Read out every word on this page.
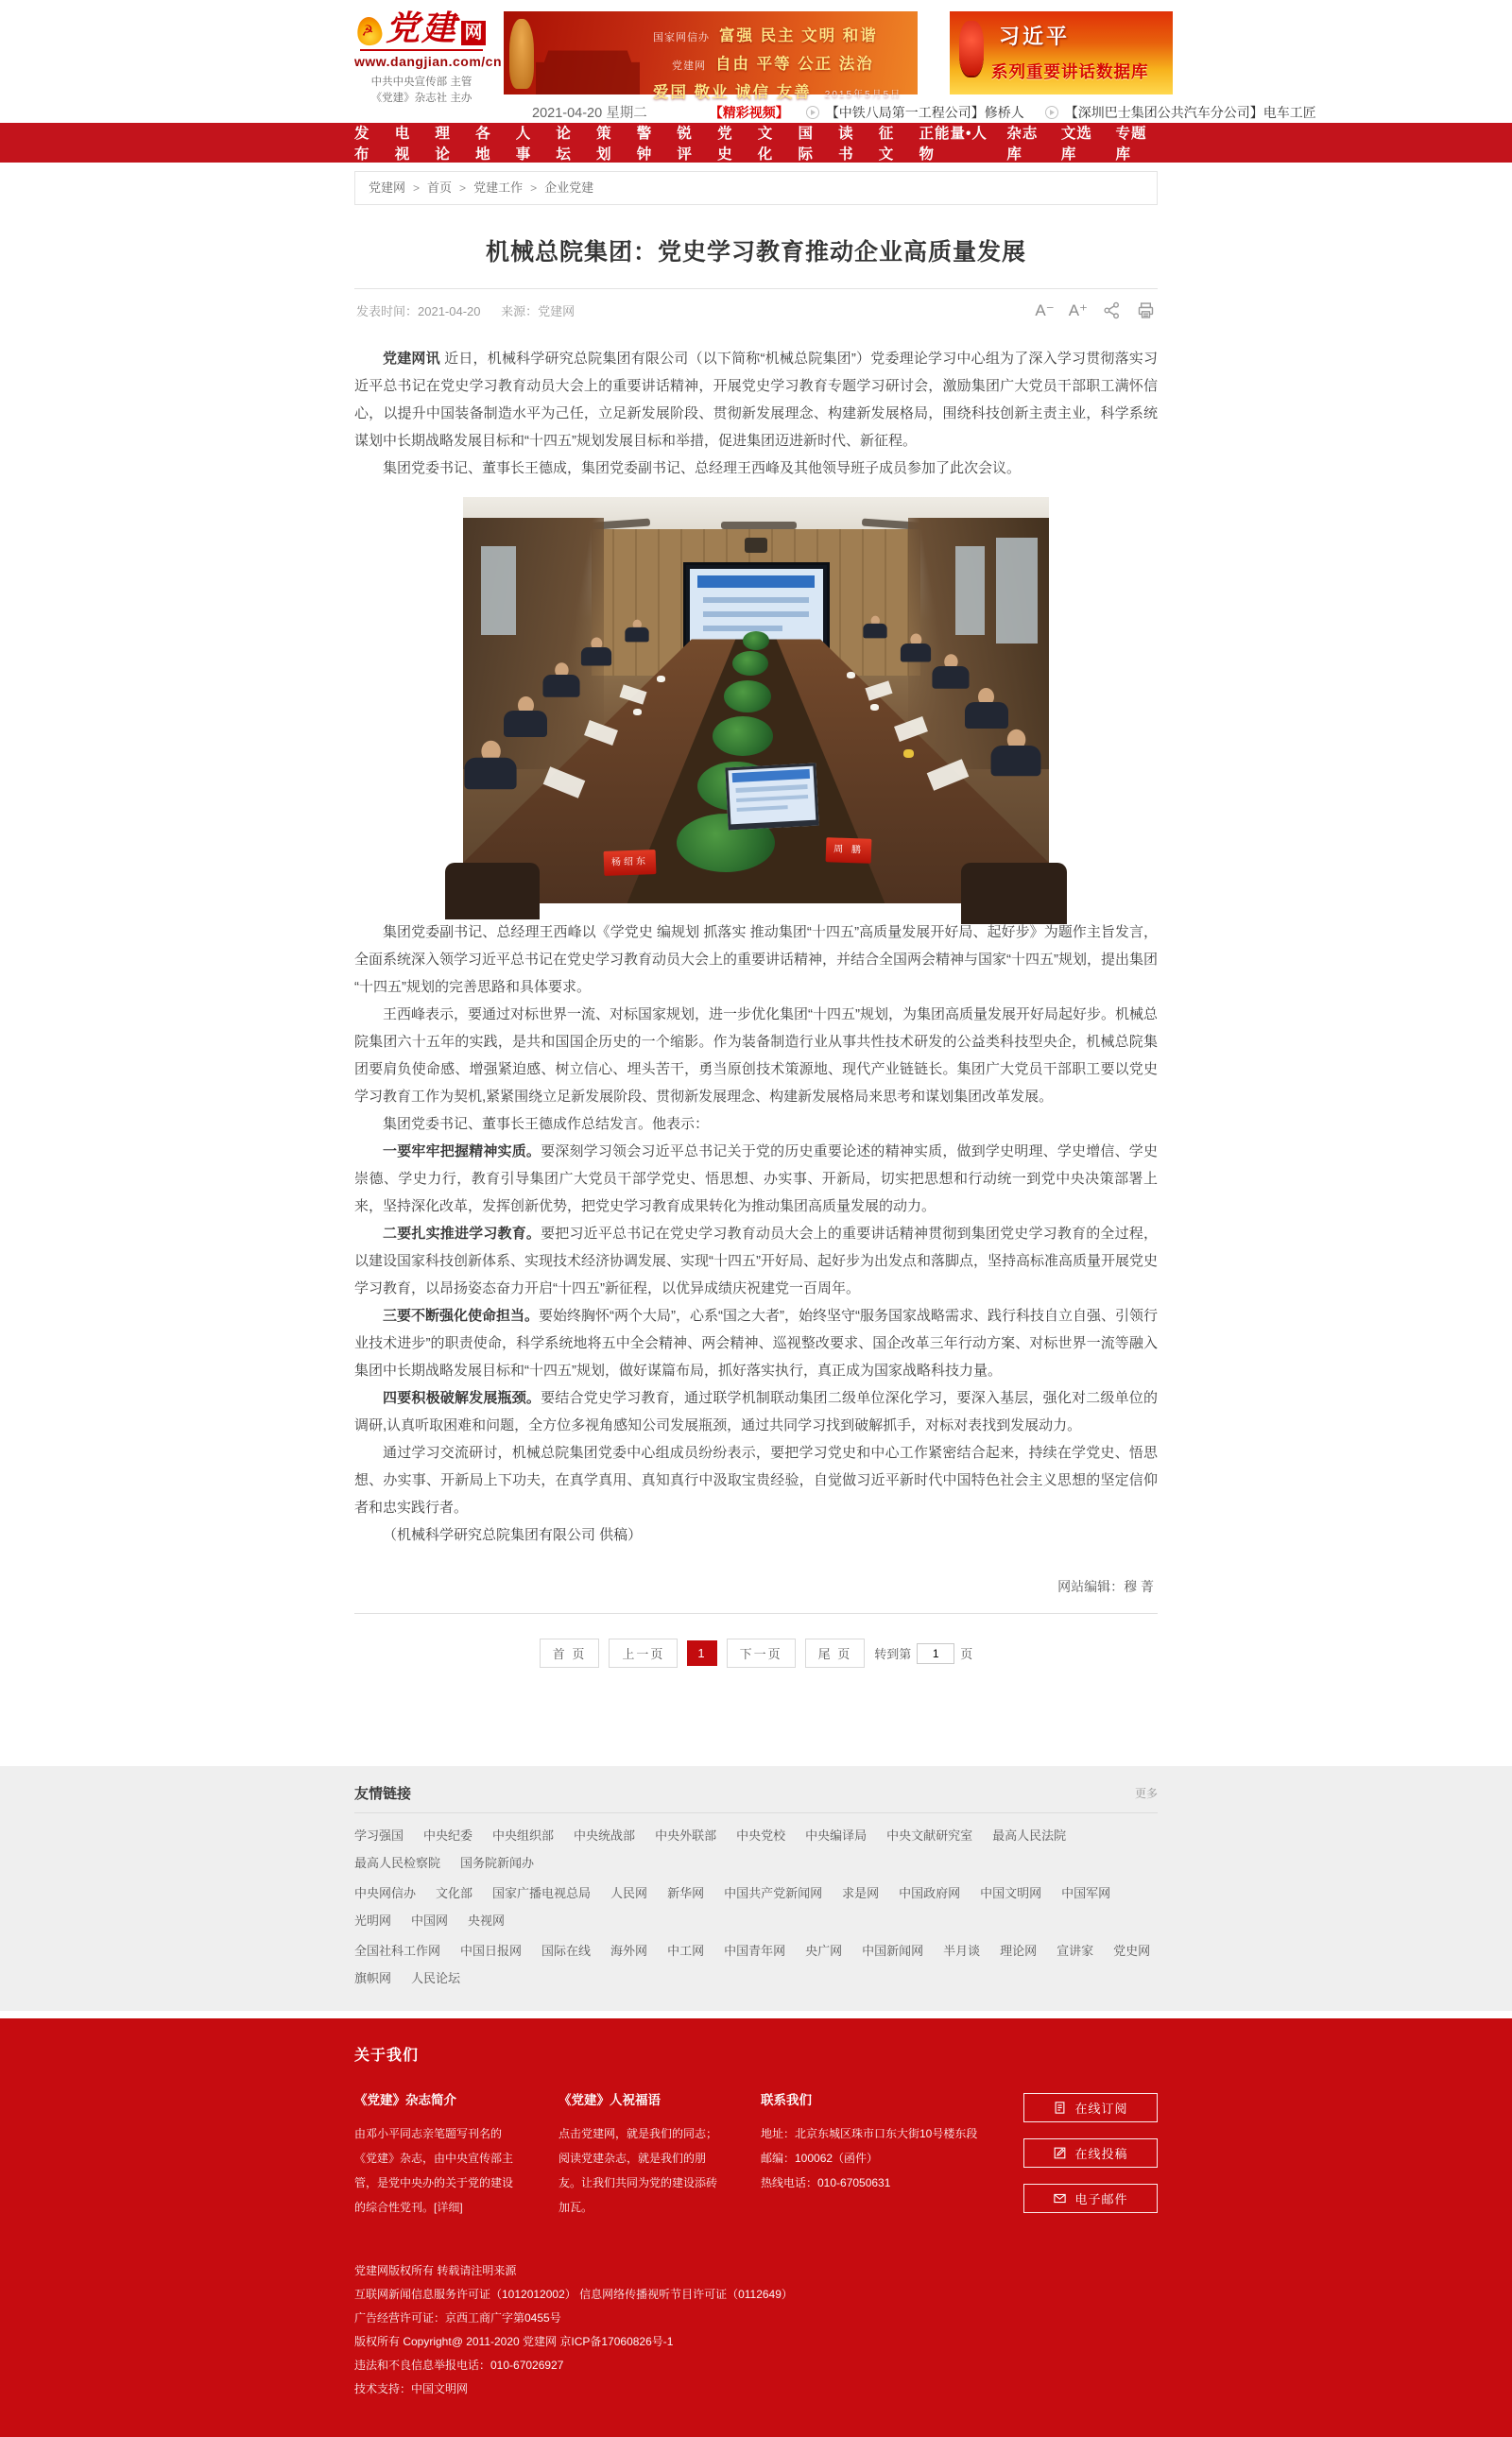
☭ 党建 网
www.dangjian.com/cn
中共中央宣传部 主管
《党建》杂志社 主办
国家网信办 富强 民主 文明 和谐
党建网 自由 平等 公正 法治
爱国 敬业 诚信 友善 2015年5月5日
习近平
系列重要讲话数据库
2021-04-20 星期二	【精彩视频】	【中铁八局第一工程公司】修桥人	【深圳巴士集团公共汽车分公司】电车工匠
发布
电视
理论
各地
人事
论坛
策划
警钟
锐评
党史
文化
国际
读书
征文
正能量•人物
杂志库
文选库
专题库
党建网 > 首页 > 党建工作 > 企业党建
机械总院集团：党史学习教育推动企业高质量发展
发表时间：2021-04-20 来源：党建网	A⁻ A⁺

党建网讯 近日，机械科学研究总院集团有限公司（以下简称“机械总院集团”）党委理论学习中心组为了深入学习贯彻落实习近平总书记在党史学习教育动员大会上的重要讲话精神，开展党史学习教育专题学习研讨会，激励集团广大党员干部职工满怀信心，以提升中国装备制造水平为己任，立足新发展阶段、贯彻新发展理念、构建新发展格局，围绕科技创新主责主业，科学系统谋划中长期战略发展目标和“十四五”规划发展目标和举措，促进集团迈进新时代、新征程。

集团党委书记、董事长王德成，集团党委副书记、总经理王西峰及其他领导班子成员参加了此次会议。

杨绍东
周 鹏

集团党委副书记、总经理王西峰以《学党史 编规划 抓落实 推动集团“十四五”高质量发展开好局、起好步》为题作主旨发言，全面系统深入领学习近平总书记在党史学习教育动员大会上的重要讲话精神，并结合全国两会精神与国家“十四五”规划，提出集团“十四五”规划的完善思路和具体要求。

王西峰表示，要通过对标世界一流、对标国家规划，进一步优化集团“十四五”规划，为集团高质量发展开好局起好步。机械总院集团六十五年的实践，是共和国国企历史的一个缩影。作为装备制造行业从事共性技术研发的公益类科技型央企，机械总院集团要肩负使命感、增强紧迫感、树立信心、埋头苦干，勇当原创技术策源地、现代产业链链长。集团广大党员干部职工要以党史学习教育工作为契机,紧紧围绕立足新发展阶段、贯彻新发展理念、构建新发展格局来思考和谋划集团改革发展。

集团党委书记、董事长王德成作总结发言。他表示：

一要牢牢把握精神实质。要深刻学习领会习近平总书记关于党的历史重要论述的精神实质，做到学史明理、学史增信、学史崇德、学史力行，教育引导集团广大党员干部学党史、悟思想、办实事、开新局，切实把思想和行动统一到党中央决策部署上来，坚持深化改革，发挥创新优势，把党史学习教育成果转化为推动集团高质量发展的动力。

二要扎实推进学习教育。要把习近平总书记在党史学习教育动员大会上的重要讲话精神贯彻到集团党史学习教育的全过程，以建设国家科技创新体系、实现技术经济协调发展、实现“十四五”开好局、起好步为出发点和落脚点，坚持高标准高质量开展党史学习教育，以昂扬姿态奋力开启“十四五”新征程，以优异成绩庆祝建党一百周年。

三要不断强化使命担当。要始终胸怀“两个大局”，心系“国之大者”，始终坚守“服务国家战略需求、践行科技自立自强、引领行业技术进步”的职责使命，科学系统地将五中全会精神、两会精神、巡视整改要求、国企改革三年行动方案、对标世界一流等融入集团中长期战略发展目标和“十四五”规划，做好谋篇布局，抓好落实执行，真正成为国家战略科技力量。

四要积极破解发展瓶颈。要结合党史学习教育，通过联学机制联动集团二级单位深化学习，要深入基层，强化对二级单位的调研,认真听取困难和问题，全方位多视角感知公司发展瓶颈，通过共同学习找到破解抓手，对标对表找到发展动力。

通过学习交流研讨，机械总院集团党委中心组成员纷纷表示，要把学习党史和中心工作紧密结合起来，持续在学党史、悟思想、办实事、开新局上下功夫，在真学真用、真知真行中汲取宝贵经验，自觉做习近平新时代中国特色社会主义思想的坚定信仰者和忠实践行者。

（机械科学研究总院集团有限公司 供稿）

网站编辑：穆 菁
首 页	上一页	1	下一页	尾 页	转到第
1	页
友情链接	更多
学习强国 中央纪委 中央组织部 中央统战部 中央外联部 中央党校 中央编译局 中央文献研究室 最高人民法院
最高人民检察院 国务院新闻办
中央网信办 文化部 国家广播电视总局 人民网 新华网 中国共产党新闻网 求是网 中国政府网 中国文明网 中国军网
光明网 中国网 央视网
全国社科工作网 中国日报网 国际在线 海外网 中工网 中国青年网 央广网 中国新闻网 半月谈 理论网 宣讲家 党史网
旗帜网 人民论坛
关于我们
《党建》杂志简介
由邓小平同志亲笔题写刊名的《党建》杂志，由中央宣传部主管，是党中央办的关于党的建设的综合性党刊。[详细]
《党建》人祝福语
点击党建网，就是我们的同志；阅读党建杂志，就是我们的朋友。让我们共同为党的建设添砖加瓦。
联系我们
地址：北京东城区珠市口东大街10号楼东段
邮编：100062（函件）
热线电话：010-67050631
在线订阅
在线投稿
电子邮件
党建网版权所有 转载请注明来源
互联网新闻信息服务许可证（1012012002） 信息网络传播视听节目许可证（0112649）
广告经营许可证：京西工商广字第0455号
版权所有 Copyright@ 2011-2020 党建网 京ICP备17060826号-1
违法和不良信息举报电话：010-67026927
技术支持：中国文明网
